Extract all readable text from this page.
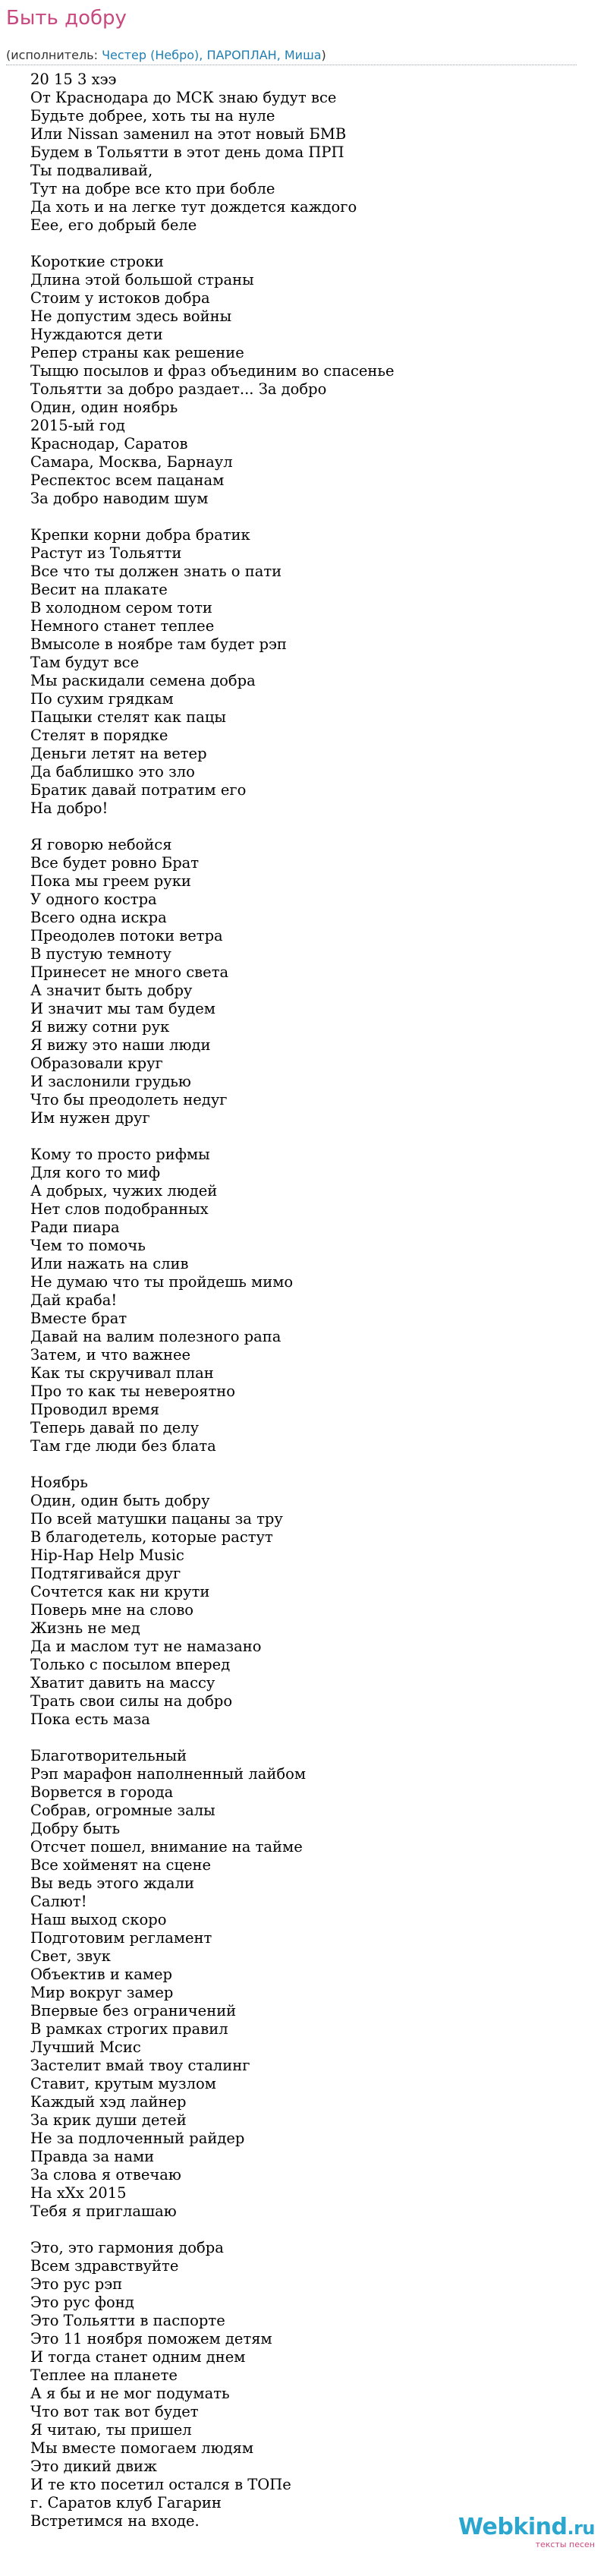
Быть добру
(исполнитель: Честер (Небро), ПАРОПЛАН, Миша)
20 15 3 хээ
От Краснодара до МСК знаю будут все
Будьте добрее, хоть ты на нуле
Или Nissan заменил на этот новый БМВ
Будем в Тольятти в этот день дома ПРП
Ты подваливай,
Тут на добре все кто при бобле
Да хоть и на легке тут дождется каждого
Еее, его добрый беле
Короткие строки
Длина этой большой страны
Стоим у истоков добра
Не допустим здесь войны
Нуждаются дети
Репер страны как решение
Тыщю посылов и фраз объединим во спасенье
Тольятти за добро раздает... За добро
Один, один ноябрь
2015-ый год
Краснодар, Саратов
Самара, Москва, Барнаул
Респектос всем пацанам
За добро наводим шум
Крепки корни добра братик
Растут из Тольятти
Все что ты должен знать о пати
Весит на плакате
В холодном сером тоти
Немного станет теплее
Вмысоле в ноябре там будет рэп
Там будут все
Мы раскидали семена добра
По сухим грядкам
Пацыки стелят как пацы
Стелят в порядке
Деньги летят на ветер
Да баблишко это зло
Братик давай потратим его
На добро!
Я говорю небойся
Все будет ровно Брат
Пока мы греем руки
У одного костра
Всего одна искра
Преодолев потоки ветра
В пустую темноту
Принесет не много света
А значит быть добру
И значит мы там будем
Я вижу сотни рук
Я вижу это наши люди
Образовали круг
И заслонили грудью
Что бы преодолеть недуг
Им нужен друг
Кому то просто рифмы
Для кого то миф
А добрых, чужих людей
Нет слов подобранных
Ради пиара
Чем то помочь
Или нажать на слив
Не думаю что ты пройдешь мимо
Дай краба!
Вместе брат
Давай на валим полезного рапа
Затем, и что важнее
Как ты скручивал план
Про то как ты невероятно
Проводил время
Теперь давай по делу
Там где люди без блата
Ноябрь
Один, один быть добру
По всей матушки пацаны за тру
В благодетель, которые растут
Hip-Hap Help Music
Подтягивайся друг
Сочтется как ни крути
Поверь мне на слово
Жизнь не мед
Да и маслом тут не намазано
Только с посылом вперед
Хватит давить на массу
Трать свои силы на добро
Пока есть маза
Благотворительный
Рэп марафон наполненный лайбом
Ворвется в города
Собрав, огромные залы
Добру быть
Отсчет пошел, внимание на тайме
Все хойменят на сцене
Вы ведь этого ждали
Салют!
Наш выход скоро
Подготовим регламент
Свет, звук
Объектив и камер
Мир вокруг замер
Впервые без ограничений
В рамках строгих правил
Лучший Мсис
Застелит вмай твоу сталинг
Ставит, крутым музлом
Каждый хэд лайнер
За крик души детей
Не за подлоченный райдер
Правда за нами
За слова я отвечаю
На хХх 2015
Тебя я приглашаю
Это, это гармония добра
Всем здравствуйте
Это рус рэп
Это рус фонд
Это Тольятти в паспорте
Это 11 ноября поможем детям
И тогда станет одним днем
Теплее на планете
А я бы и не мог подумать
Что вот так вот будет
Я читаю, ты пришел
Мы вместе помогаем людям
Это дикий движ
И те кто посетил остался в ТОПе
г. Саратов клуб Гагарин
Встретимся на входе.	Webkind.ru
тексты песен
